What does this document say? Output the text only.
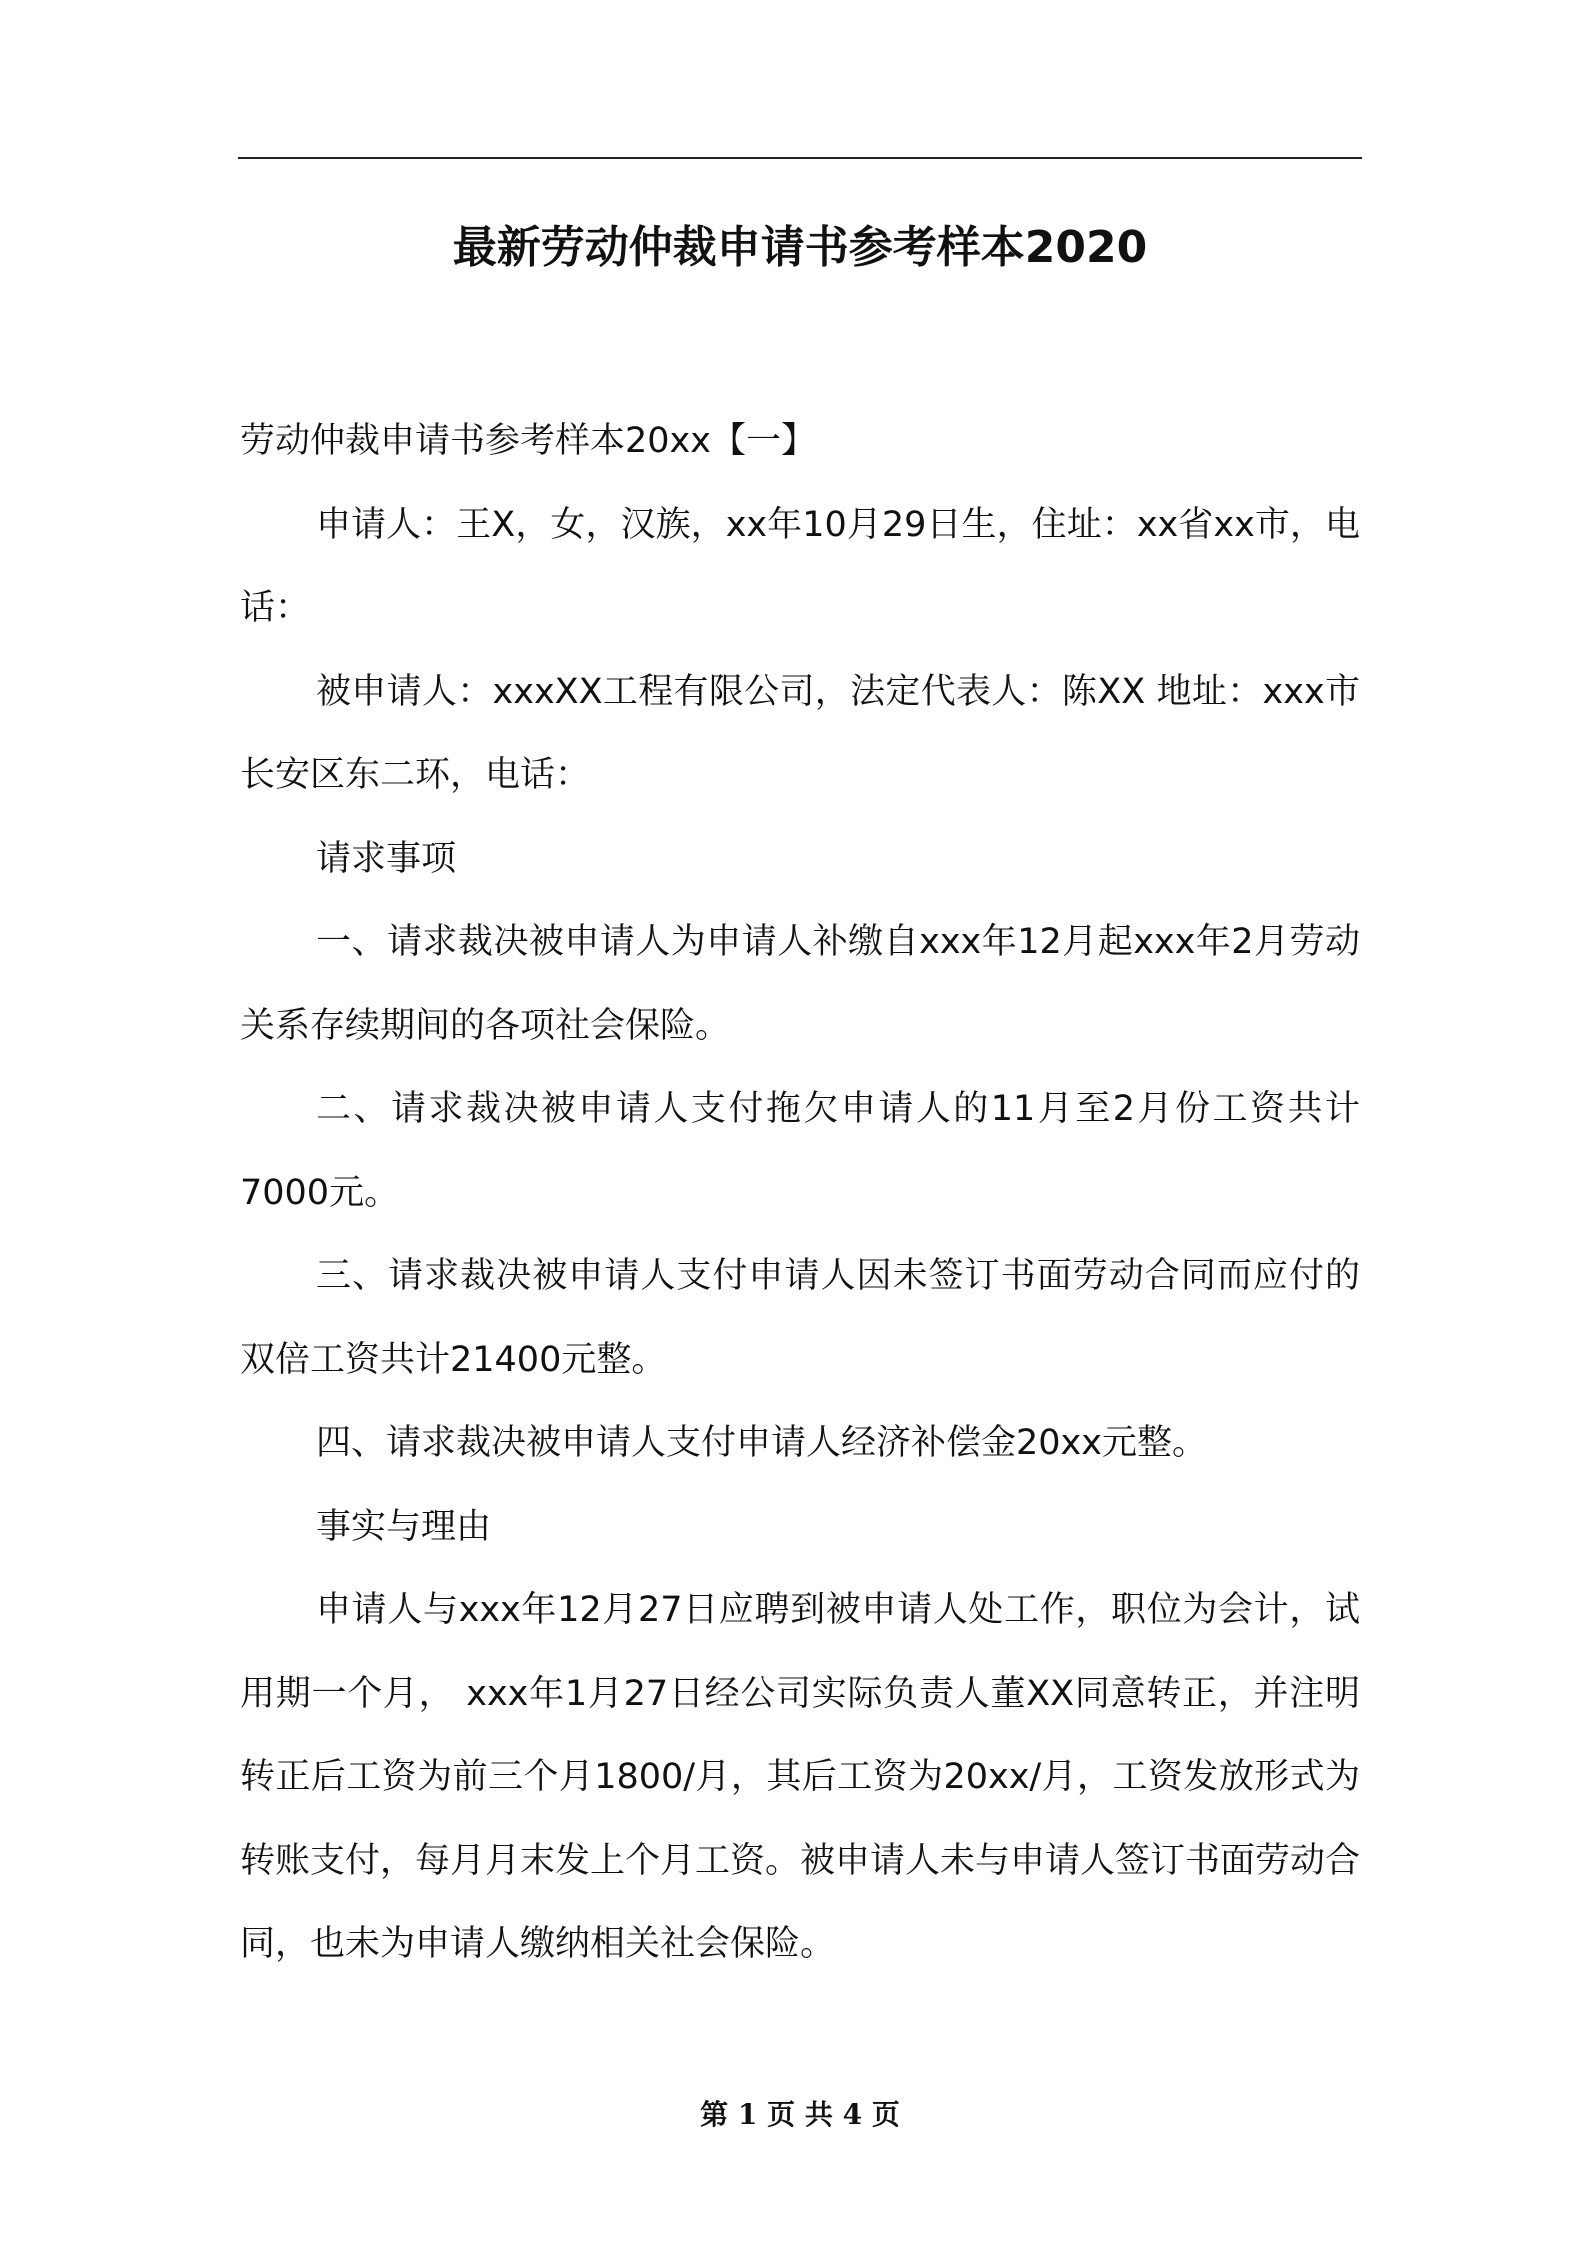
最新劳动仲裁申请书参考样本2020

劳动仲裁申请书参考样本20xx【一】

申请人：王X，女，汉族，xx年10月29日生，住址：xx省xx市，电话：

被申请人：xxxXX工程有限公司，法定代表人：陈XX 地址：xxx市长安区东二环，电话：

请求事项

一、请求裁决被申请人为申请人补缴自xxx年12月起xxx年2月劳动关系存续期间的各项社会保险。

二、请求裁决被申请人支付拖欠申请人的11月至2月份工资共计7000元。

三、请求裁决被申请人支付申请人因未签订书面劳动合同而应付的双倍工资共计21400元整。

四、请求裁决被申请人支付申请人经济补偿金20xx元整。

事实与理由

申请人与xxx年12月27日应聘到被申请人处工作，职位为会计，试用期一个月， xxx年1月27日经公司实际负责人董XX同意转正，并注明转正后工资为前三个月1800/月，其后工资为20xx/月，工资发放形式为转账支付，每月月末发上个月工资。被申请人未与申请人签订书面劳动合同，也未为申请人缴纳相关社会保险。

第 1 页 共 4 页
